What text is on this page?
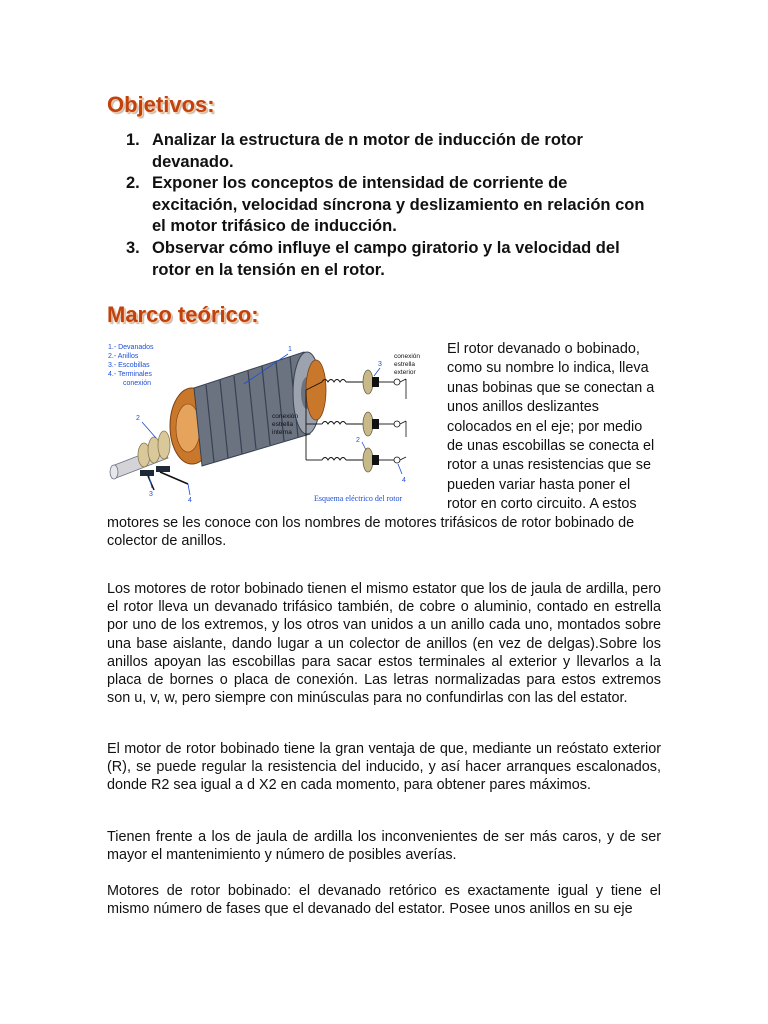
Objetivos:
1. Analizar la estructura de n motor de inducción de rotor devanado.
2. Exponer los conceptos de intensidad de corriente de excitación, velocidad síncrona y deslizamiento en relación con el motor trifásico de inducción.
3. Observar cómo influye el campo giratorio y la velocidad del rotor en la tensión en el rotor.
Marco teórico:
1.- Devanados
2.- Anillos
3.- Escobillas
4.- Terminales
conexión
1
2
3
4
conexión
estrella
exterior
conexión
estrella
interna
3
2
4
Esquema eléctrico del rotor

El rotor devanado o bobinado, como su nombre lo indica, lleva unas bobinas que se conectan a unos anillos deslizantes colocados en el eje; por medio de unas escobillas se conecta el rotor a unas resistencias que se pueden variar hasta poner el rotor en corto circuito. A estos

motores se les conoce con los nombres de motores trifásicos de rotor bobinado de colector de anillos.

Los motores de rotor bobinado tienen el mismo estator que los de jaula de ardilla, pero el rotor lleva un devanado trifásico también, de cobre o aluminio, contado en estrella por uno de los extremos, y los otros van unidos a un anillo cada uno, montados sobre una base aislante, dando lugar a un colector de anillos (en vez de delgas).Sobre los anillos apoyan las escobillas para sacar estos terminales al exterior y llevarlos a la placa de bornes o placa de conexión. Las letras normalizadas para estos extremos son u, v, w, pero siempre con minúsculas para no confundirlas con las del estator.

El motor de rotor bobinado tiene la gran ventaja de que, mediante un reóstato exterior (R), se puede regular la resistencia del inducido, y así hacer arranques escalonados, donde R2 sea igual a d X2 en cada momento, para obtener pares máximos.

Tienen frente a los de jaula de ardilla los inconvenientes de ser más caros, y de ser mayor el mantenimiento y número de posibles averías.

Motores de rotor bobinado: el devanado retórico es exactamente igual y tiene el mismo número de fases que el devanado del estator. Posee unos anillos en su eje
